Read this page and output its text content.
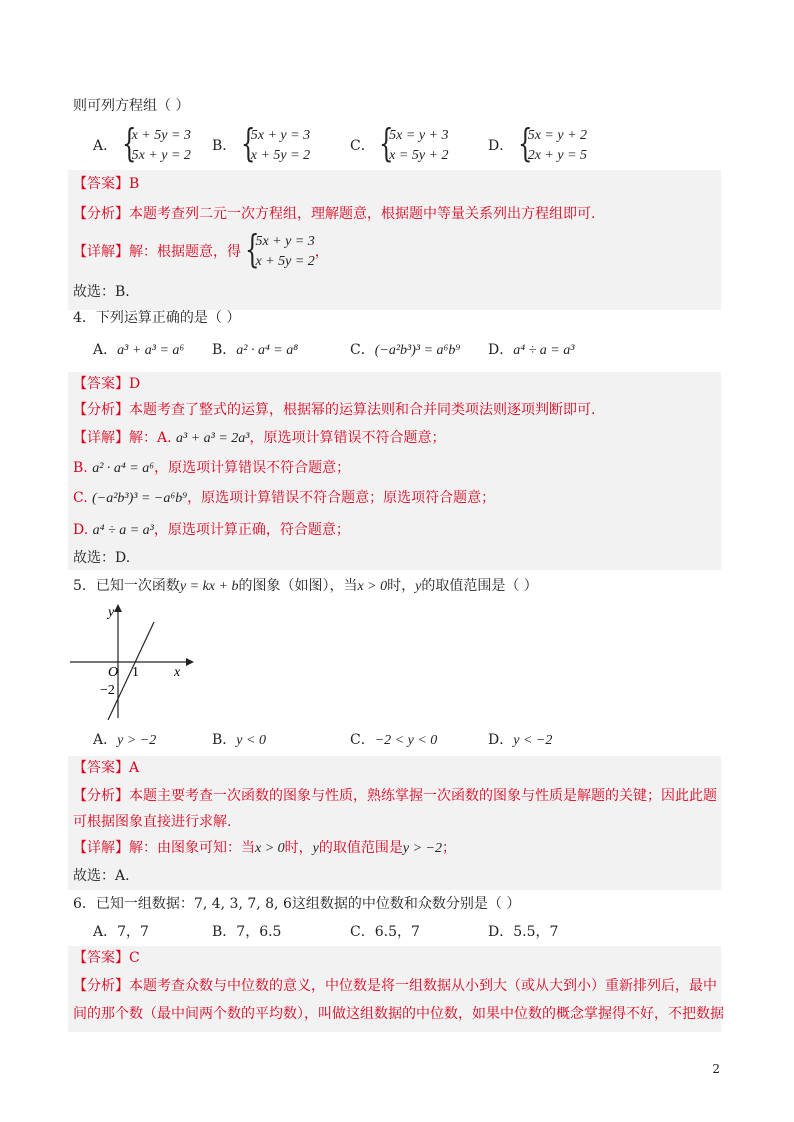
则可列方程组（ ）
A． {
x + 5y = 3
5x + y = 2
B． {
5x + y = 3
x + 5y = 2
C． {
5x = y + 3
x = 5y + 2
D． {
5x = y + 2
2x + y = 5
【答案】B
【分析】本题考查列二元一次方程组，理解题意，根据题中等量关系列出方程组即可.
【详解】解：根据题意，得 {
5x + y = 3
x + 5y = 2
，
故选：B.
4．下列运算正确的是（ ）
A．a³ + a³ = a⁶ B．a² · a⁴ = a⁸	C．(−a²b³)³ = a⁶b⁹ D．a⁴ ÷ a = a³
【答案】D
【分析】本题考查了整式的运算，根据幂的运算法则和合并同类项法则逐项判断即可.
【详解】解：A. a³ + a³ = 2a³，原选项计算错误不符合题意；
B. a² · a⁴ = a⁶，原选项计算错误不符合题意；
C. (−a²b³)³ = −a⁶b⁹，原选项计算错误不符合题意；原选项符合题意；
D. a⁴ ÷ a = a³，原选项计算正确，符合题意；
故选：D.
5．已知一次函数y = kx + b的图象（如图），当x > 0时，y的取值范围是（ ）
y
x
O 1
−2
A．y > −2	B．y < 0	C．−2 < y < 0	D．y < −2
【答案】A
【分析】本题主要考查一次函数的图象与性质，熟练掌握一次函数的图象与性质是解题的关键；因此此题
可根据图象直接进行求解.
【详解】解：由图象可知：当x > 0时，y的取值范围是y > −2；
故选：A.
6．已知一组数据：7, 4, 3, 7, 8, 6这组数据的中位数和众数分别是（ ）
A．7，7	B．7，6.5	C．6.5，7	D．5.5，7
【答案】C
【分析】本题考查众数与中位数的意义，中位数是将一组数据从小到大（或从大到小）重新排列后，最中
间的那个数（最中间两个数的平均数），叫做这组数据的中位数，如果中位数的概念掌握得不好，不把数据
2
